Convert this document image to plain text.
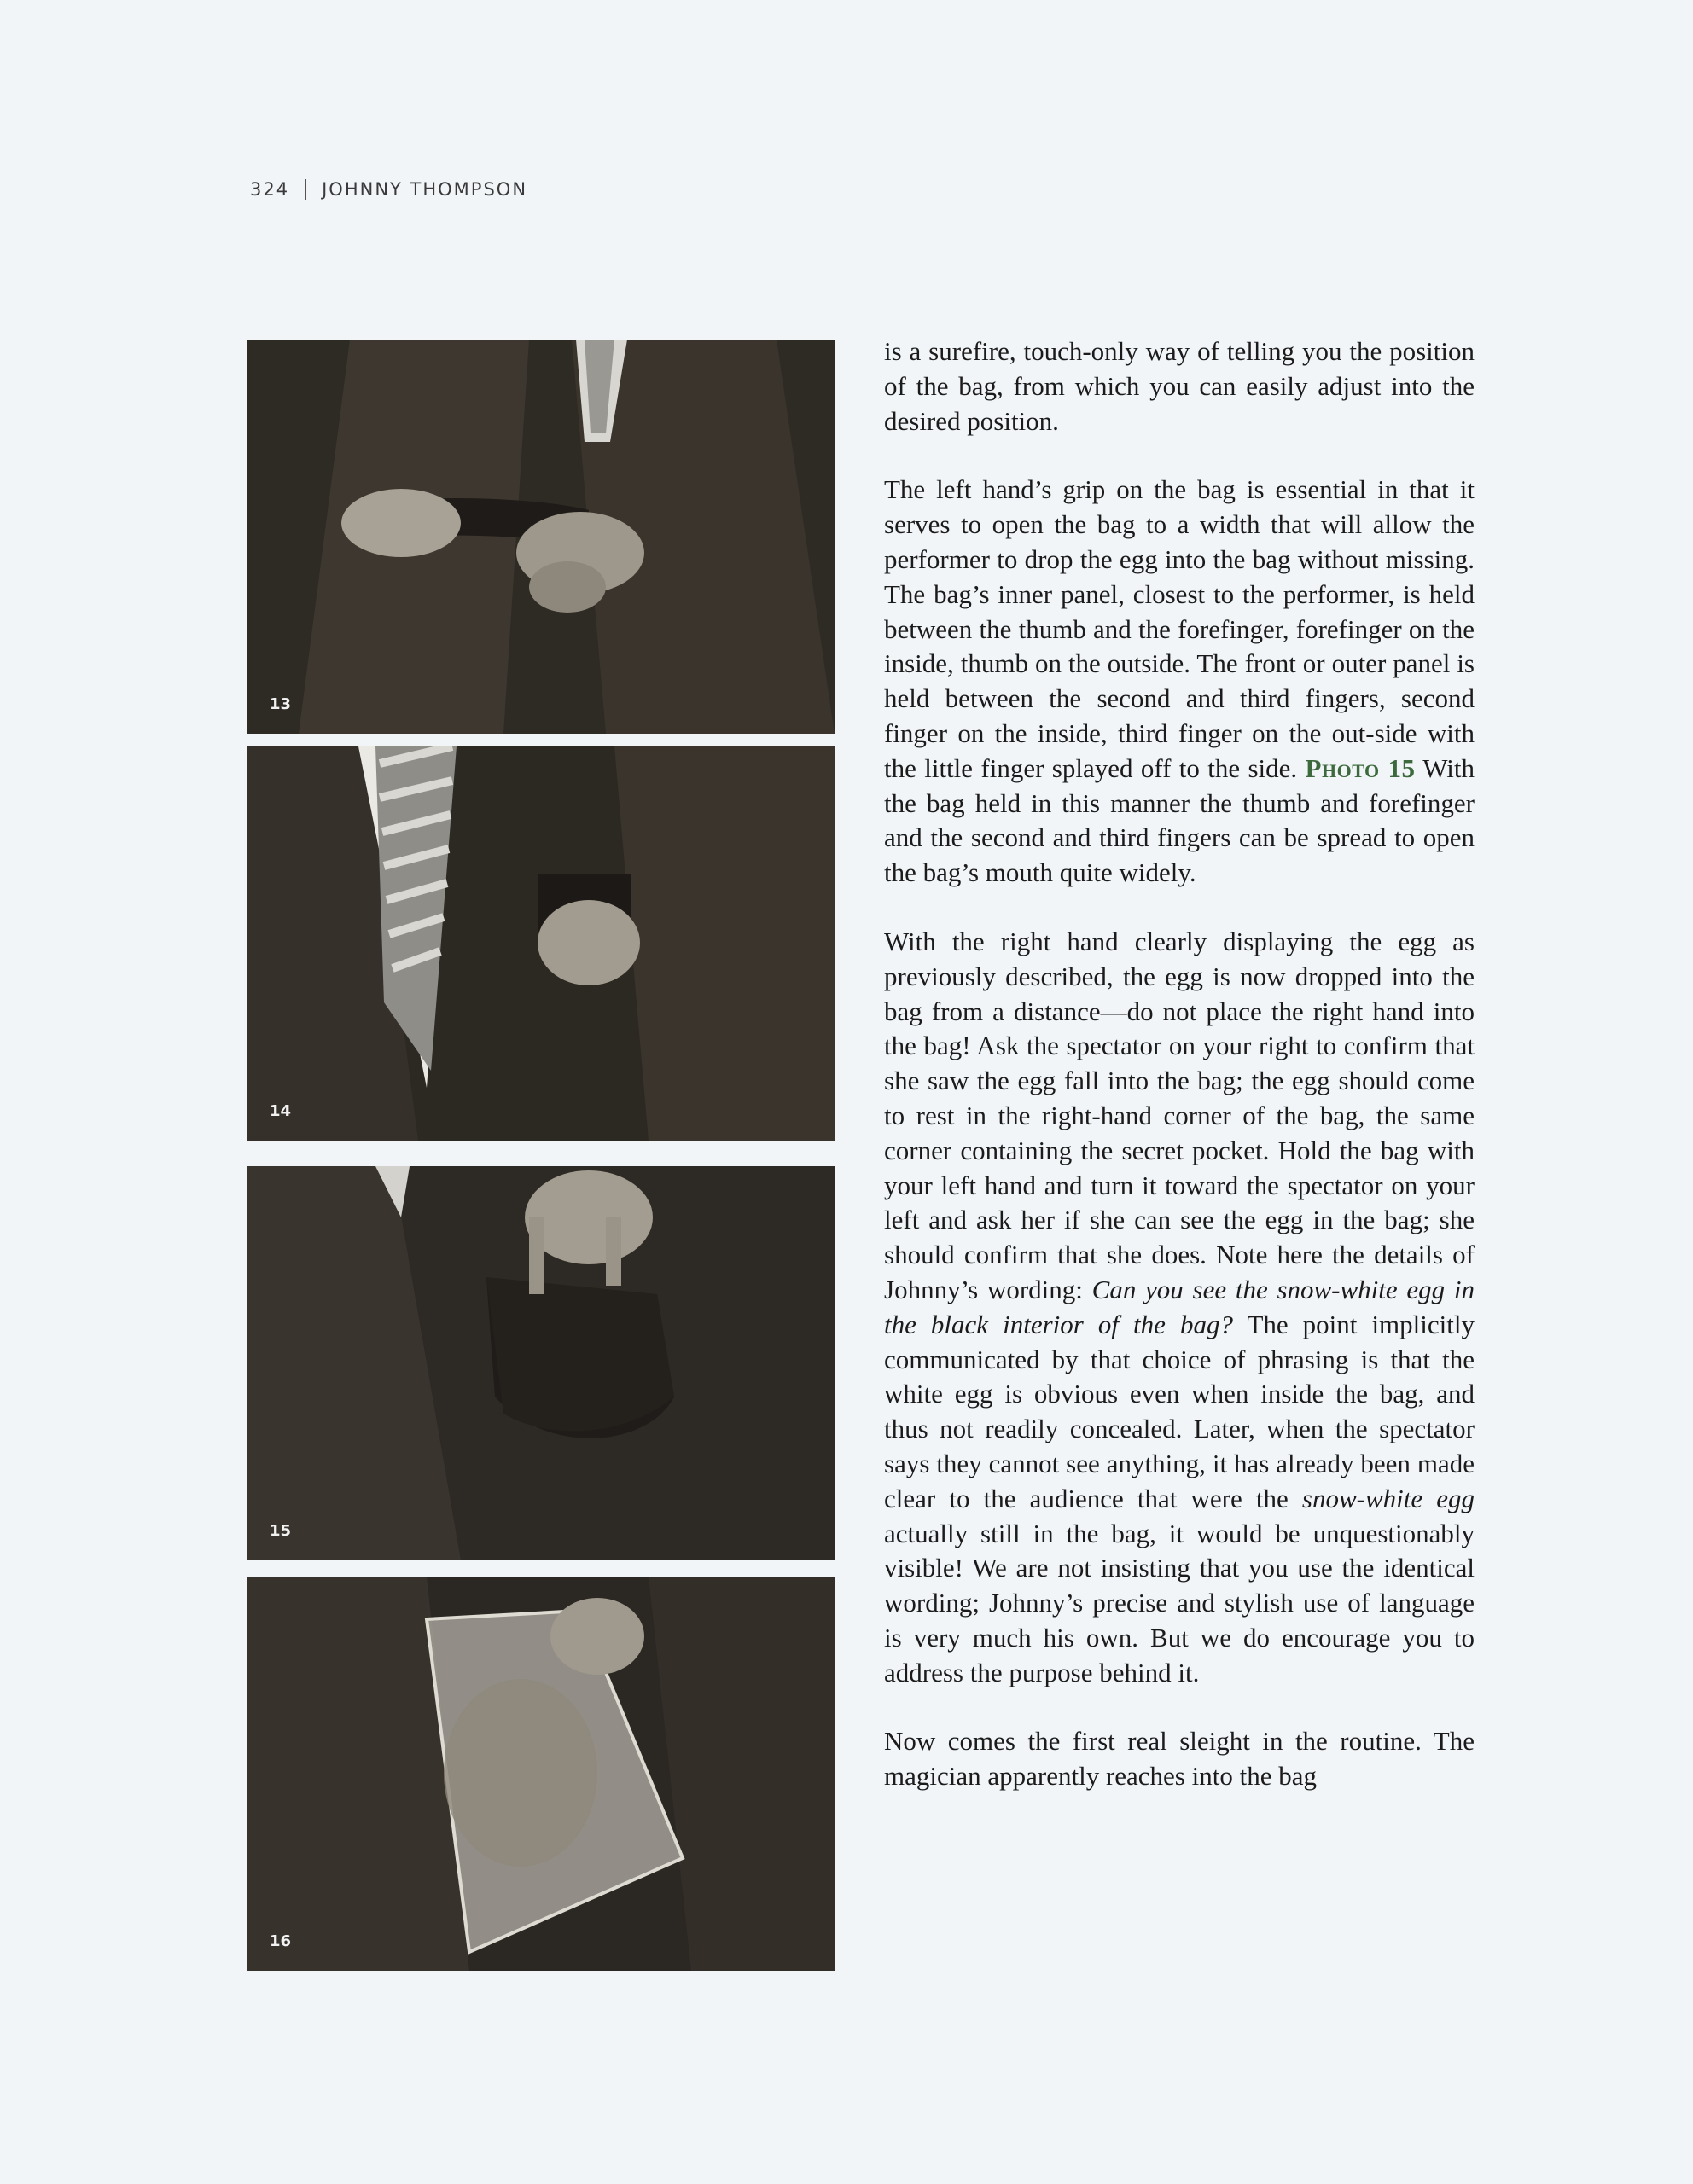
324 JOHNNY THOMPSON
13
14
15
16

is a surefire, touch-only way of telling you the position of the bag, from which you can easily adjust into the desired position.

The left hand’s grip on the bag is essential in that it serves to open the bag to a width that will allow the performer to drop the egg into the bag without missing. The bag’s inner panel, closest to the performer, is held between the thumb and the forefinger, forefinger on the inside, thumb on the outside. The front or outer panel is held between the second and third fingers, second finger on the inside, third finger on the out-side with the little finger splayed off to the side. Photo 15 With the bag held in this manner the thumb and forefinger and the second and third fingers can be spread to open the bag’s mouth quite widely.

With the right hand clearly displaying the egg as previously described, the egg is now dropped into the bag from a distance—do not place the right hand into the bag! Ask the spectator on your right to confirm that she saw the egg fall into the bag; the egg should come to rest in the right-hand corner of the bag, the same corner containing the secret pocket. Hold the bag with your left hand and turn it toward the spectator on your left and ask her if she can see the egg in the bag; she should confirm that she does. Note here the details of Johnny’s wording: Can you see the snow-white egg in the black interior of the bag? The point implicitly communicated by that choice of phrasing is that the white egg is obvious even when inside the bag, and thus not readily concealed. Later, when the spectator says they cannot see anything, it has already been made clear to the audience that were the snow-white egg actually still in the bag, it would be unquestionably visible! We are not insisting that you use the identical wording; Johnny’s precise and stylish use of language is very much his own. But we do encourage you to address the purpose behind it.

Now comes the first real sleight in the routine. The magician apparently reaches into the bag
